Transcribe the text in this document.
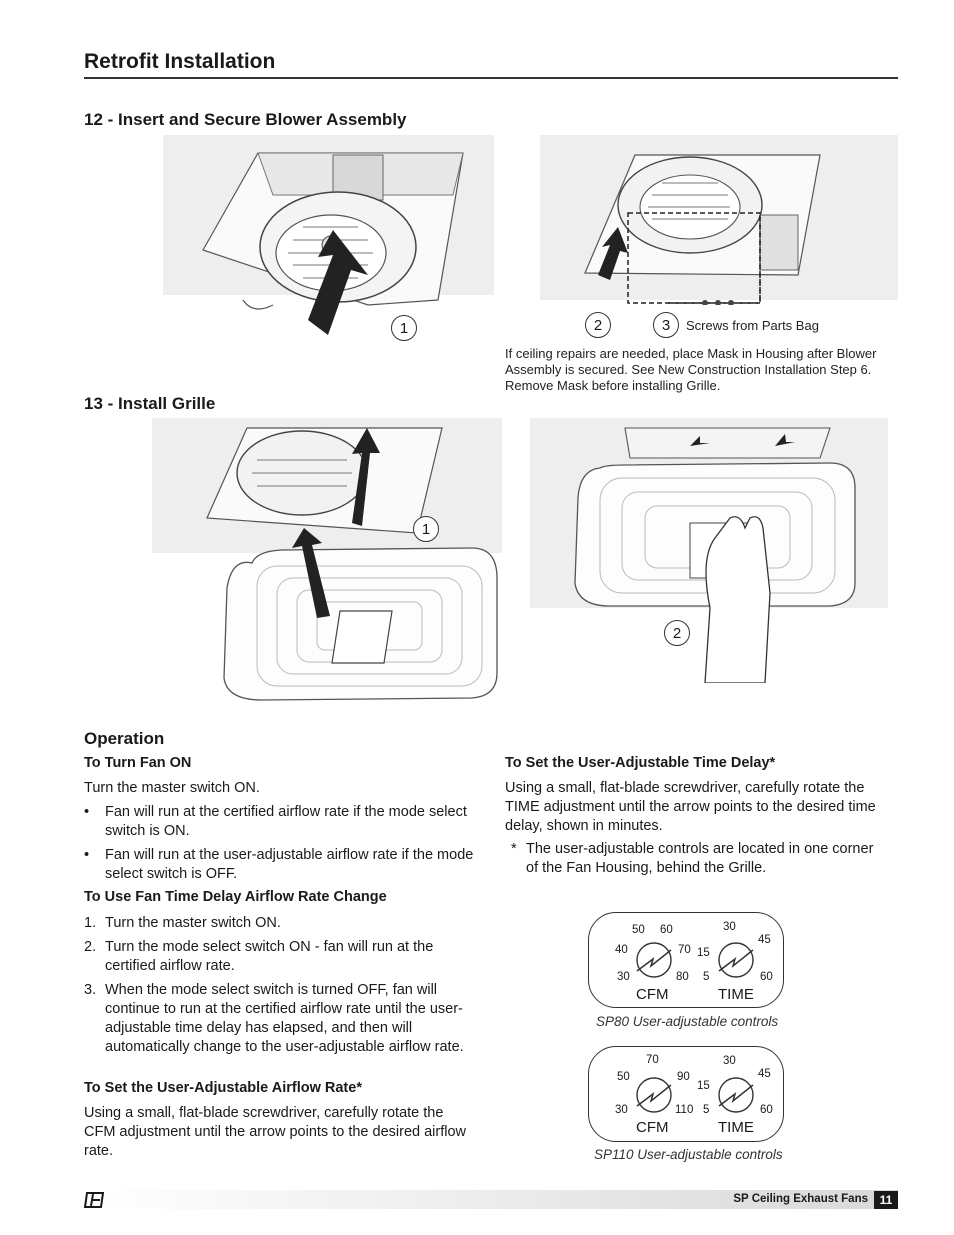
Retrofit Installation
12 - Insert and Secure Blower Assembly
1	2	3	Screws from Parts Bag
If ceiling repairs are needed, place Mask in Housing after Blower Assembly is secured. See New Construction Installation Step 6. Remove Mask before installing Grille.
13 - Install Grille
1
2
Operation
To Turn Fan ON
Turn the master switch ON.
• Fan will run at the certified airflow rate if the mode select switch is ON.
• Fan will run at the user-adjustable airflow rate if the mode select switch is OFF.
To Use Fan Time Delay Airflow Rate Change
1. Turn the master switch ON.
2. Turn the mode select switch ON - fan will run at the certified airflow rate.
3. When the mode select switch is turned OFF, fan will continue to run at the certified airflow rate until the user-adjustable time delay has elapsed, and then will automatically change to the user-adjustable airflow rate.
To Set the User-Adjustable Airflow Rate*
Using a small, flat-blade screwdriver, carefully rotate the CFM adjustment until the arrow points to the desired airflow rate.
To Set the User-Adjustable Time Delay*
Using a small, flat-blade screwdriver, carefully rotate the TIME adjustment until the arrow points to the desired time delay, shown in minutes.
* The user-adjustable controls are located in one corner of the Fan Housing, behind the Grille.
50 60
40	70
30	80
30
15
45
5	60
CFM	TIME
SP80 User-adjustable controls
70
50	90
30	110
30
15
45
5	60
CFM	TIME
SP110 User-adjustable controls
SP Ceiling Exhaust Fans 11
